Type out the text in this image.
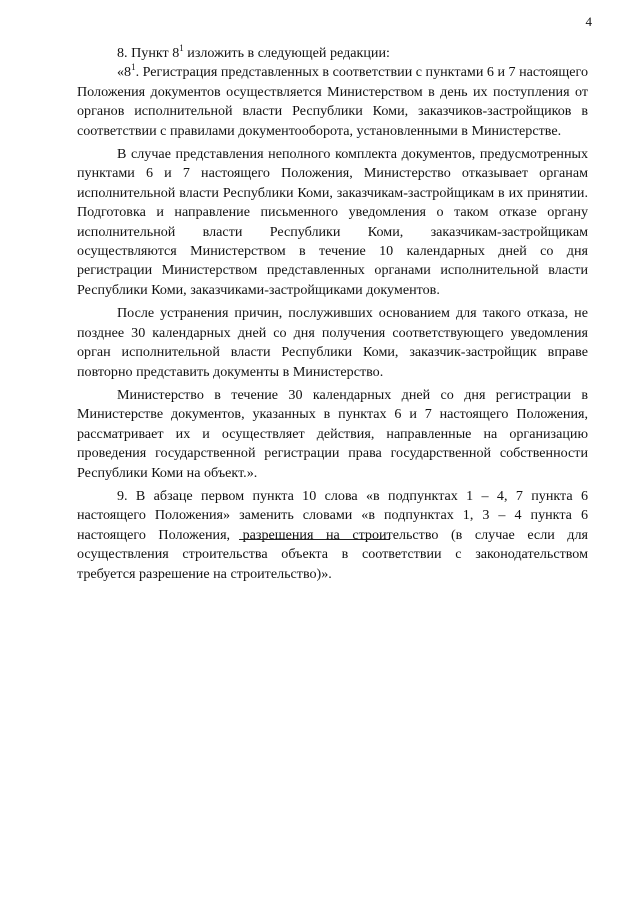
4

8. Пункт $8^1$ изложить в следующей редакции:

«$8^1$. Регистрация представленных в соответствии с пунктами 6 и 7 настоящего Положения документов осуществляется Министерством в день их поступления от органов исполнительной власти Республики Коми, заказчиков-застройщиков в соответствии с правилами документооборота, установленными в Министерстве.

В случае представления неполного комплекта документов, предусмотренных пунктами 6 и 7 настоящего Положения, Министерство отказывает органам исполнительной власти Республики Коми, заказчикам-застройщикам в их принятии. Подготовка и направление письменного уведомления о таком отказе органу исполнительной власти Республики Коми, заказчикам-застройщикам осуществляются Министерством в течение 10 календарных дней со дня регистрации Министерством представленных органами исполнительной власти Республики Коми, заказчиками-застройщиками документов.

После устранения причин, послуживших основанием для такого отказа, не позднее 30 календарных дней со дня получения соответствующего уведомления орган исполнительной власти Республики Коми, заказчик-застройщик вправе повторно представить документы в Министерство.

Министерство в течение 30 календарных дней со дня регистрации в Министерстве документов, указанных в пунктах 6 и 7 настоящего Положения, рассматривает их и осуществляет действия, направленные на организацию проведения государственной регистрации права государственной собственности Республики Коми на объект.».

9. В абзаце первом пункта 10 слова «в подпунктах 1 – 4, 7 пункта 6 настоящего Положения» заменить словами «в подпунктах 1, 3 – 4 пункта 6 настоящего Положения, разрешения на строительство (в случае если для осуществления строительства объекта в соответствии с законодательством требуется разрешение на строительство)».
